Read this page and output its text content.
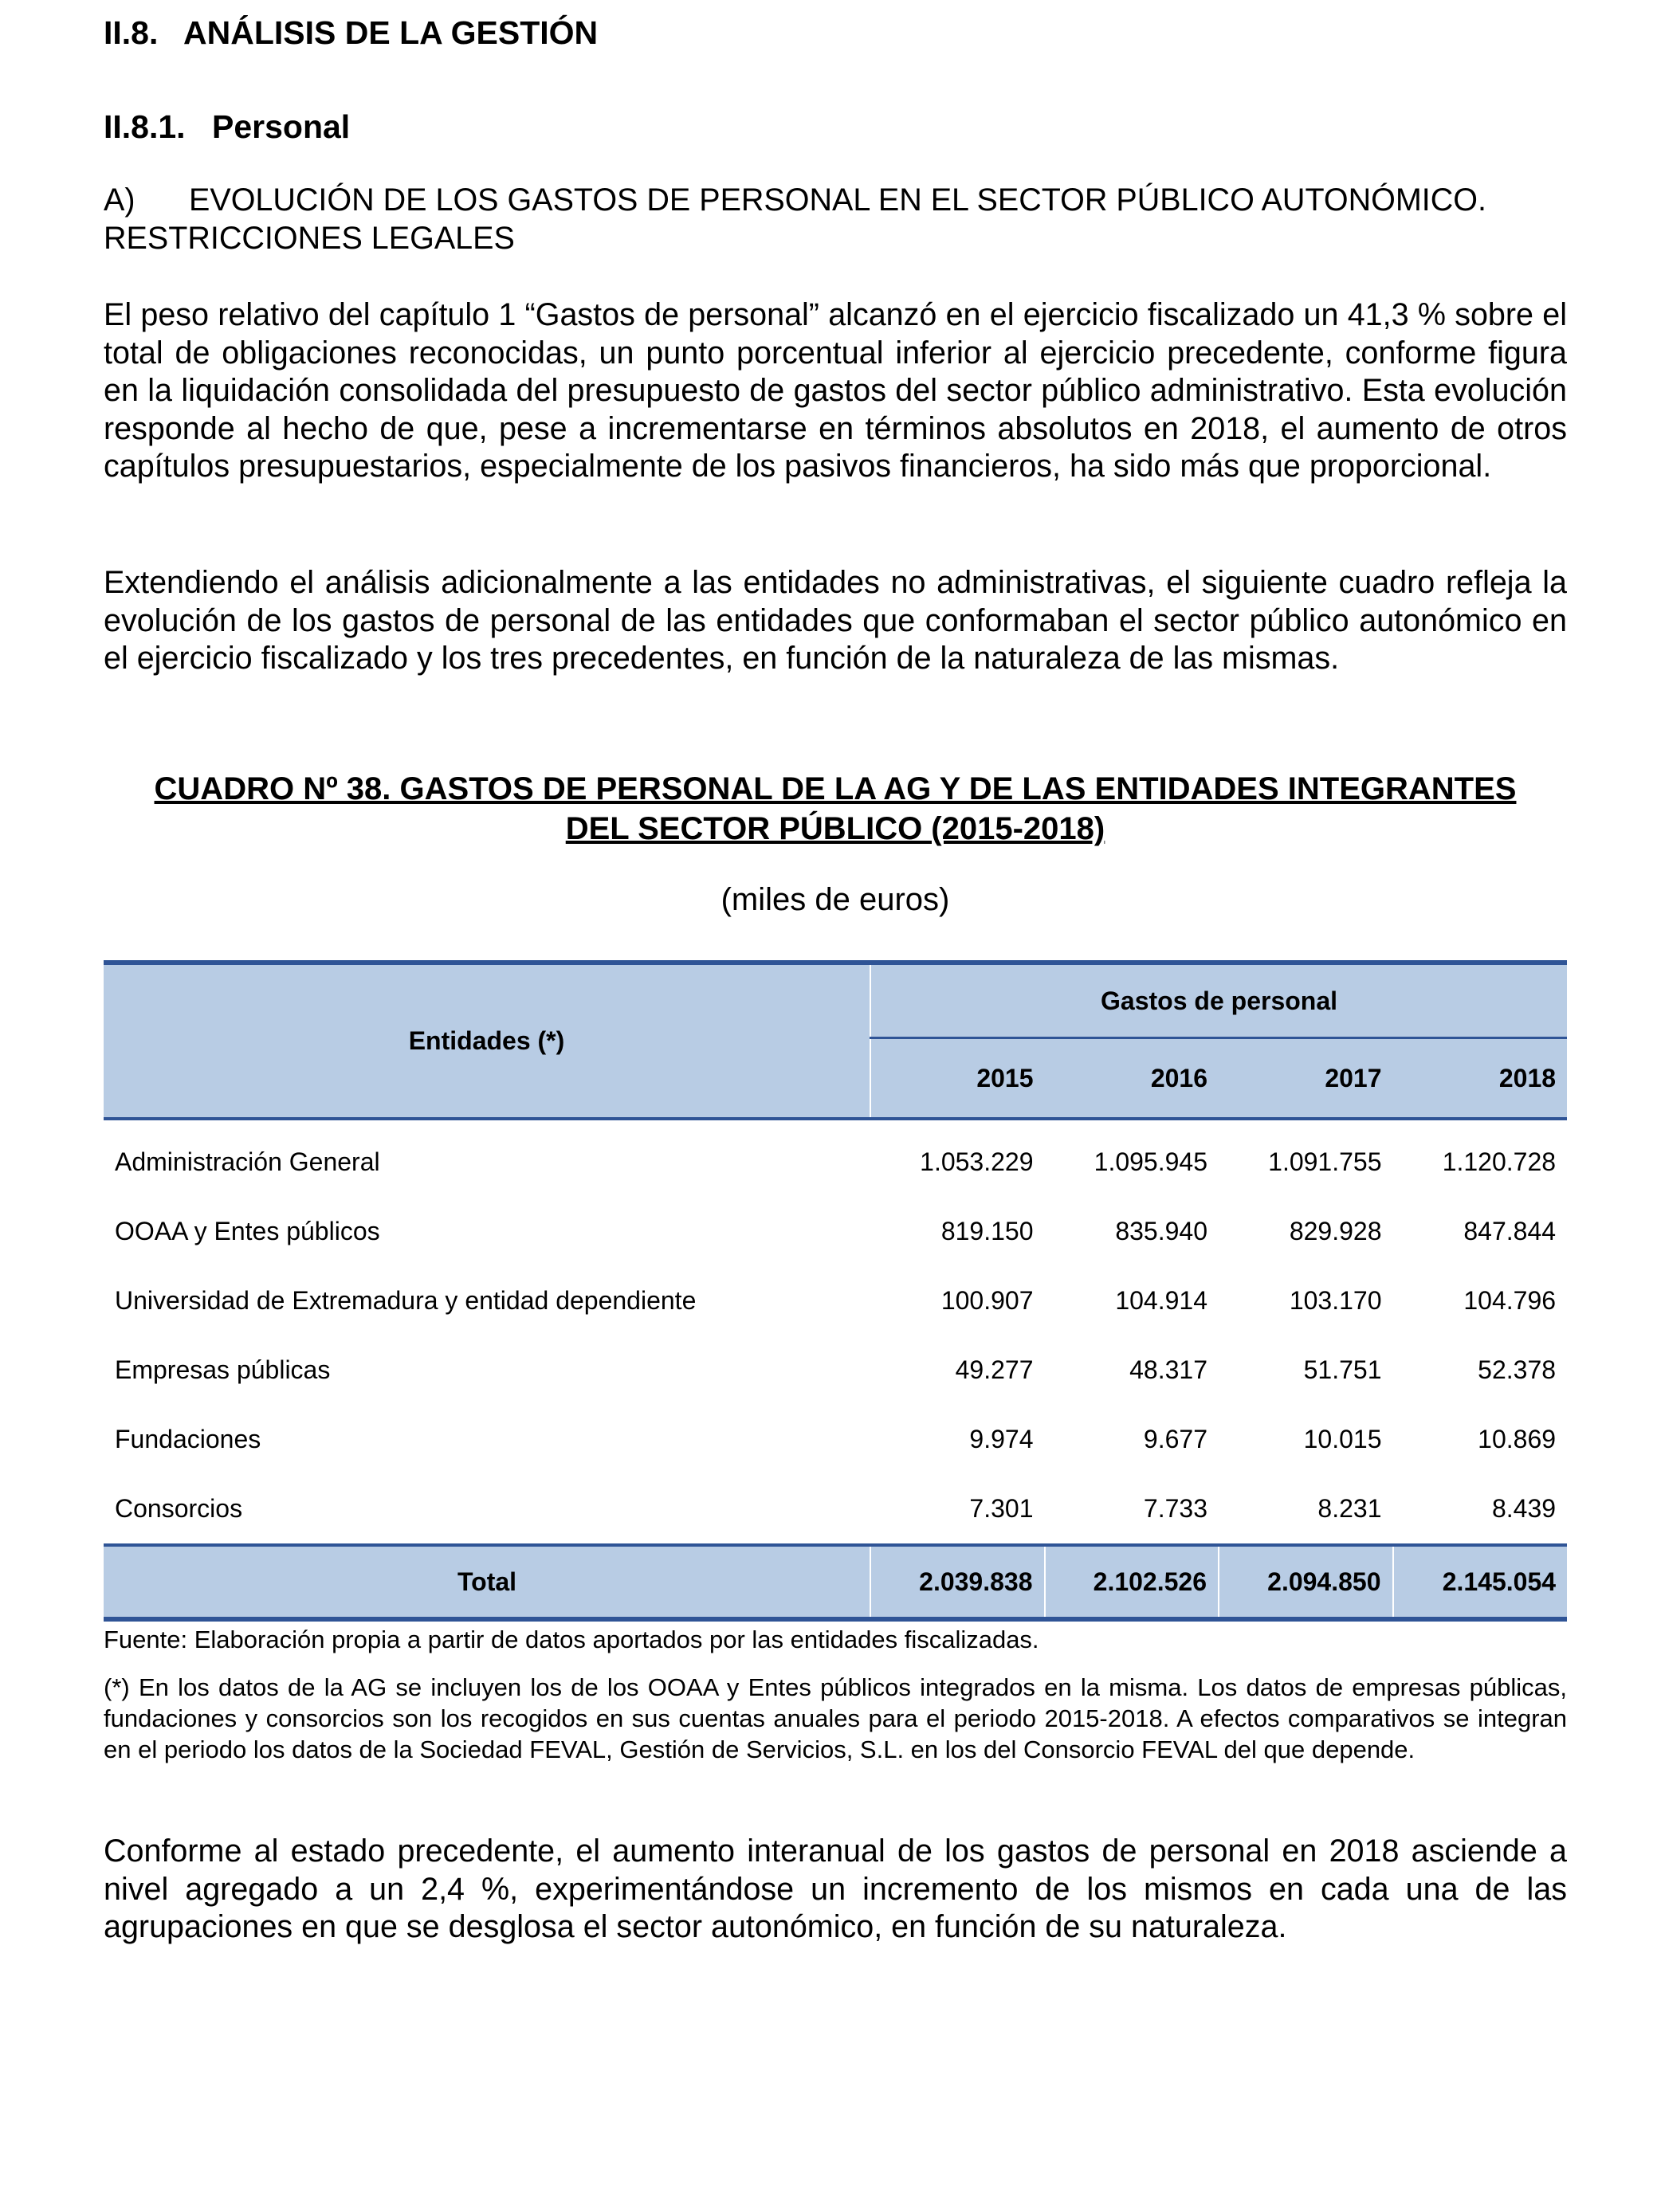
II.8. ANÁLISIS DE LA GESTIÓN
II.8.1. Personal
A) EVOLUCIÓN DE LOS GASTOS DE PERSONAL EN EL SECTOR PÚBLICO AUTONÓMICO. RESTRICCIONES LEGALES
El peso relativo del capítulo 1 “Gastos de personal” alcanzó en el ejercicio fiscalizado un 41,3 % sobre el total de obligaciones reconocidas, un punto porcentual inferior al ejercicio precedente, conforme figura en la liquidación consolidada del presupuesto de gastos del sector público administrativo. Esta evolución responde al hecho de que, pese a incrementarse en términos absolutos en 2018, el aumento de otros capítulos presupuestarios, especialmente de los pasivos financieros, ha sido más que proporcional.
Extendiendo el análisis adicionalmente a las entidades no administrativas, el siguiente cuadro refleja la evolución de los gastos de personal de las entidades que conformaban el sector público autonómico en el ejercicio fiscalizado y los tres precedentes, en función de la naturaleza de las mismas.
CUADRO Nº 38. GASTOS DE PERSONAL DE LA AG Y DE LAS ENTIDADES INTEGRANTES
DEL SECTOR PÚBLICO (2015-2018)
(miles de euros)
Entidades (*)	Gastos de personal			
	2015	2016	2017	2018
Administración General	1.053.229	1.095.945	1.091.755	1.120.728
OOAA y Entes públicos	819.150	835.940	829.928	847.844
Universidad de Extremadura y entidad dependiente	100.907	104.914	103.170	104.796
Empresas públicas	49.277	48.317	51.751	52.378
Fundaciones	9.974	9.677	10.015	10.869
Consorcios	7.301	7.733	8.231	8.439
Total	2.039.838	2.102.526	2.094.850	2.145.054
Fuente: Elaboración propia a partir de datos aportados por las entidades fiscalizadas.
(*) En los datos de la AG se incluyen los de los OOAA y Entes públicos integrados en la misma. Los datos de empresas públicas, fundaciones y consorcios son los recogidos en sus cuentas anuales para el periodo 2015-2018. A efectos comparativos se integran en el periodo los datos de la Sociedad FEVAL, Gestión de Servicios, S.L. en los del Consorcio FEVAL del que depende.
Conforme al estado precedente, el aumento interanual de los gastos de personal en 2018 asciende a nivel agregado a un 2,4 %, experimentándose un incremento de los mismos en cada una de las agrupaciones en que se desglosa el sector autonómico, en función de su naturaleza.
